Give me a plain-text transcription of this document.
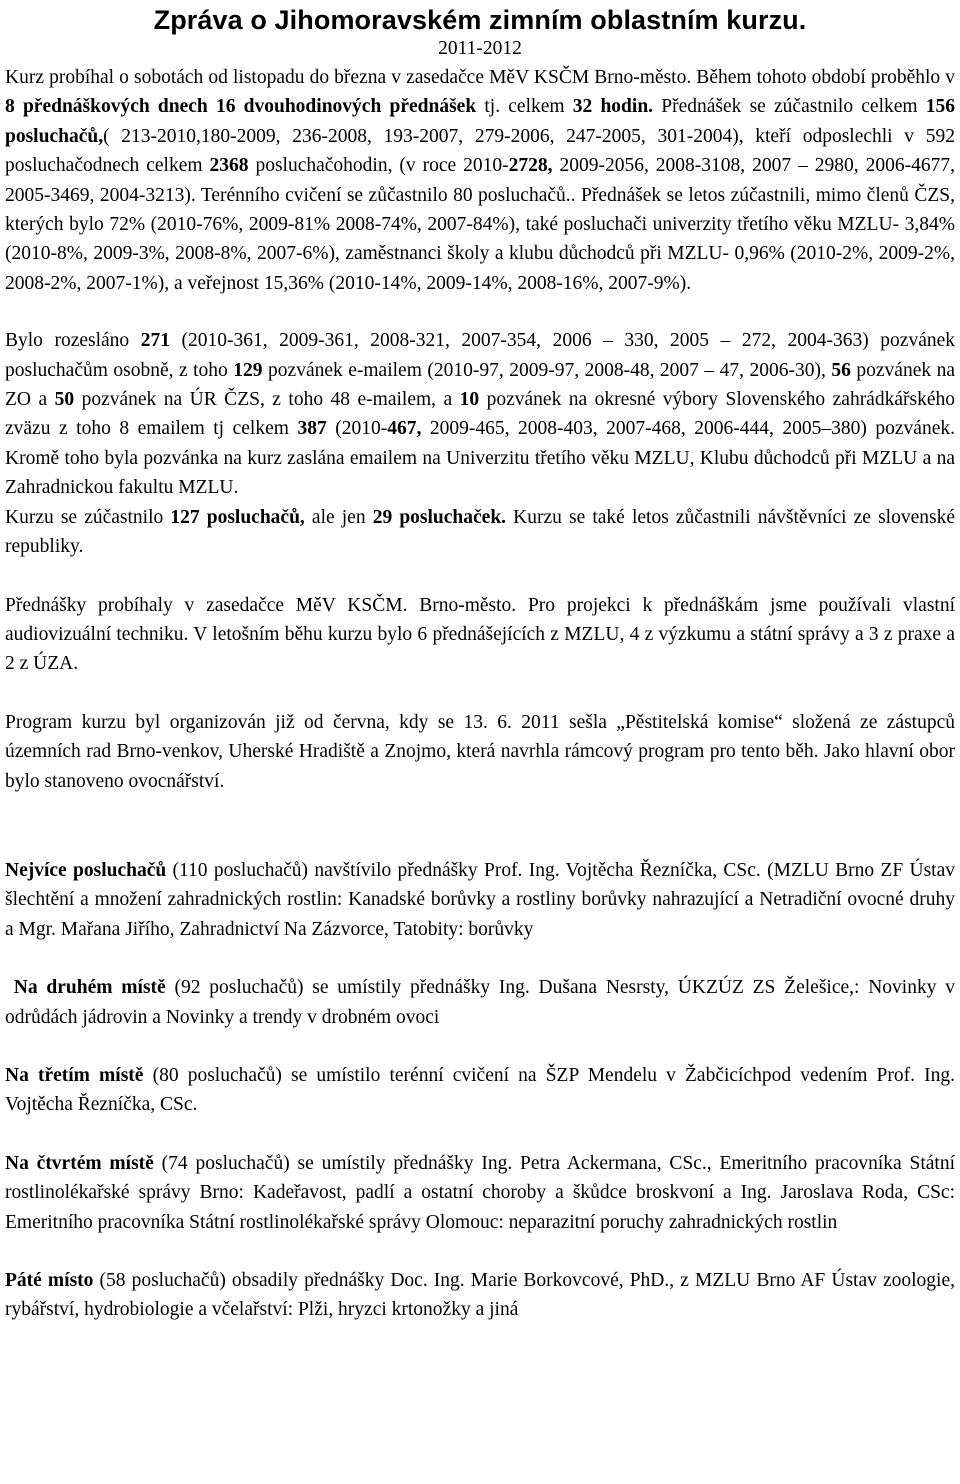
Zpráva o Jihomoravském zimním oblastním kurzu.
2011-2012

Kurz probíhal o sobotách od listopadu do března v zasedačce MěV KSČM Brno-město. Během tohoto období proběhlo v 8 přednáškových dnech 16 dvouhodinových přednášek tj. celkem 32 hodin. Přednášek se zúčastnilo celkem 156 posluchačů,( 213-2010,180-2009, 236-2008, 193-2007, 279-2006, 247-2005, 301-2004), kteří odposlechli v 592 posluchačodnech celkem 2368 posluchačohodin, (v roce 2010-2728, 2009-2056, 2008-3108, 2007 – 2980, 2006-4677, 2005-3469, 2004-3213). Terénního cvičení se zůčastnilo 80 posluchačů.. Přednášek se letos zúčastnili, mimo členů ČZS, kterých bylo 72% (2010-76%, 2009-81% 2008-74%, 2007-84%), také posluchači univerzity třetího věku MZLU- 3,84% (2010-8%, 2009-3%, 2008-8%, 2007-6%), zaměstnanci školy a klubu důchodců při MZLU- 0,96% (2010-2%, 2009-2%, 2008-2%, 2007-1%), a veřejnost 15,36% (2010-14%, 2009-14%, 2008-16%, 2007-9%).

Bylo rozesláno 271 (2010-361, 2009-361, 2008-321, 2007-354, 2006 – 330, 2005 – 272, 2004-363) pozvánek posluchačům osobně, z toho 129 pozvánek e-mailem (2010-97, 2009-97, 2008-48, 2007 – 47, 2006-30), 56 pozvánek na ZO a 50 pozvánek na ÚR ČZS, z toho 48 e-mailem, a 10 pozvánek na okresné výbory Slovenského zahrádkářského zväzu z toho 8 emailem tj celkem 387 (2010-467, 2009-465, 2008-403, 2007-468, 2006-444, 2005–380) pozvánek. Kromě toho byla pozvánka na kurz zaslána emailem na Univerzitu třetího věku MZLU, Klubu důchodců při MZLU a na Zahradnickou fakultu MZLU.

Kurzu se zúčastnilo 127 posluchačů, ale jen 29 posluchaček. Kurzu se také letos zůčastnili návštěvníci ze slovenské republiky.

Přednášky probíhaly v zasedačce MěV KSČM. Brno-město. Pro projekci k přednáškám jsme používali vlastní audiovizuální techniku. V letošním běhu kurzu bylo 6 přednášejících z MZLU, 4 z výzkumu a státní správy a 3 z praxe a 2 z ÚZA.

Program kurzu byl organizován již od června, kdy se 13. 6. 2011 sešla „Pěstitelská komise“ složená ze zástupců územních rad Brno-venkov, Uherské Hradiště a Znojmo, která navrhla rámcový program pro tento běh. Jako hlavní obor bylo stanoveno ovocnářství.

Nejvíce posluchačů (110 posluchačů) navštívilo přednášky Prof. Ing. Vojtěcha Řezníčka, CSc. (MZLU Brno ZF Ústav šlechtění a množení zahradnických rostlin: Kanadské borůvky a rostliny borůvky nahrazující a Netradiční ovocné druhy a Mgr. Mařana Jiřího, Zahradnictví Na Zázvorce, Tatobity: borůvky

Na druhém místě (92 posluchačů) se umístily přednášky Ing. Dušana Nesrsty, ÚKZÚZ ZS Želešice,: Novinky v odrůdách jádrovin a Novinky a trendy v drobném ovoci

Na třetím místě (80 posluchačů) se umístilo terénní cvičení na ŠZP Mendelu v Žabčicíchpod vedením Prof. Ing. Vojtěcha Řezníčka, CSc.

Na čtvrtém místě (74 posluchačů) se umístily přednášky Ing. Petra Ackermana, CSc., Emeritního pracovníka Státní rostlinolékařské správy Brno: Kadeřavost, padlí a ostatní choroby a škůdce broskvoní a Ing. Jaroslava Roda, CSc: Emeritního pracovníka Státní rostlinolékařské správy Olomouc: neparazitní poruchy zahradnických rostlin

Páté místo (58 posluchačů) obsadily přednášky Doc. Ing. Marie Borkovcové, PhD., z MZLU Brno AF Ústav zoologie, rybářství, hydrobiologie a včelařství: Plži, hryzci krtonožky a jiná
